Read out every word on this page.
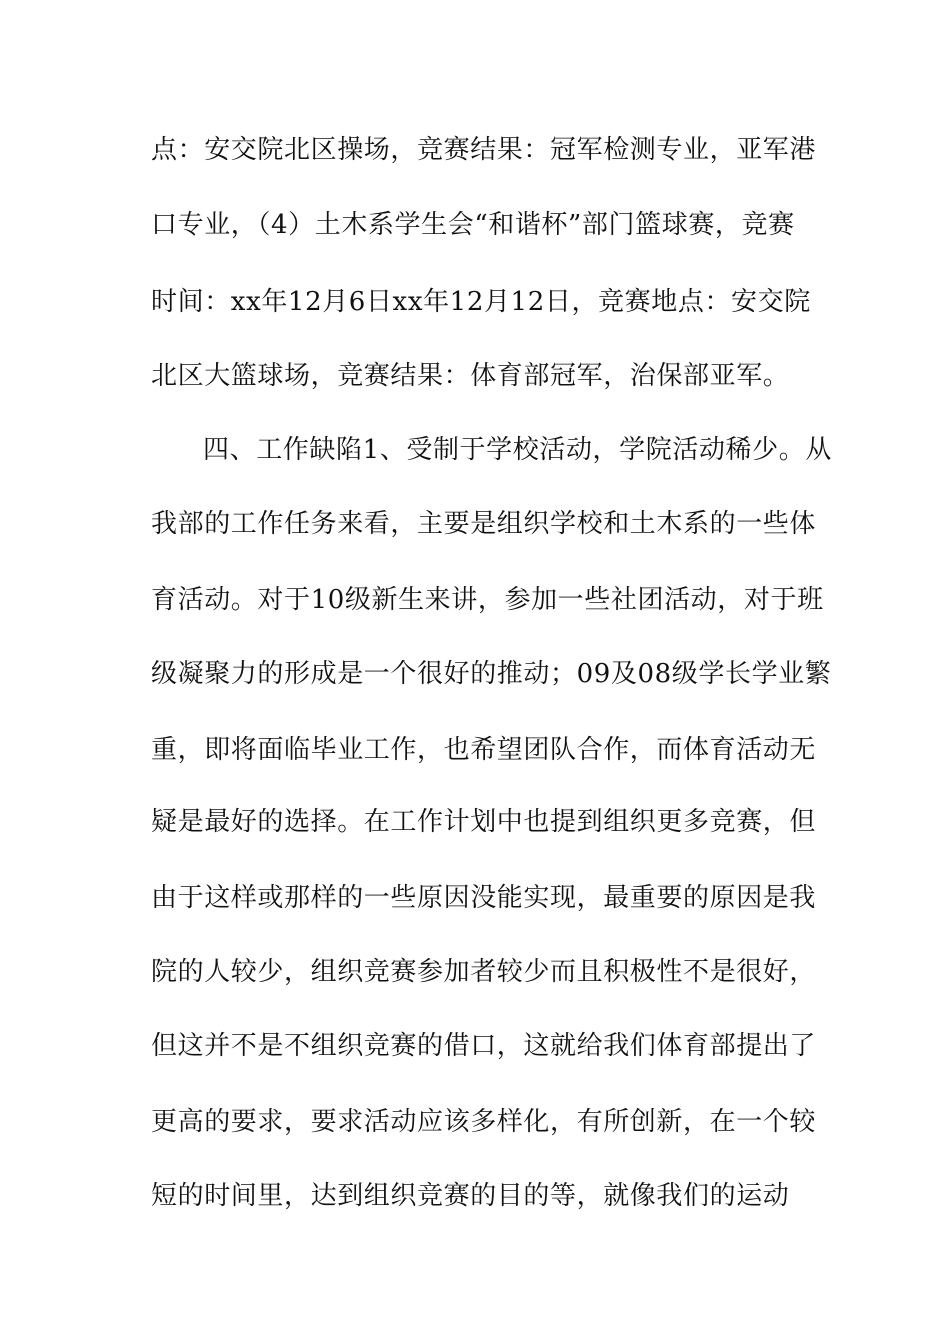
点：安交院北区操场，竞赛结果：冠军检测专业，亚军港
口专业，（4）土木系学生会“和谐杯”部门篮球赛，竞赛
时间：xx年12月6日xx年12月12日，竞赛地点：安交院
北区大篮球场，竞赛结果：体育部冠军，治保部亚军。
四、工作缺陷1、受制于学校活动，学院活动稀少。从
我部的工作任务来看，主要是组织学校和土木系的一些体
育活动。对于10级新生来讲，参加一些社团活动，对于班
级凝聚力的形成是一个很好的推动；09及08级学长学业繁
重，即将面临毕业工作，也希望团队合作，而体育活动无
疑是最好的选择。在工作计划中也提到组织更多竞赛，但
由于这样或那样的一些原因没能实现，最重要的原因是我
院的人较少，组织竞赛参加者较少而且积极性不是很好，
但这并不是不组织竞赛的借口，这就给我们体育部提出了
更高的要求，要求活动应该多样化，有所创新，在一个较
短的时间里，达到组织竞赛的目的等，就像我们的运动
